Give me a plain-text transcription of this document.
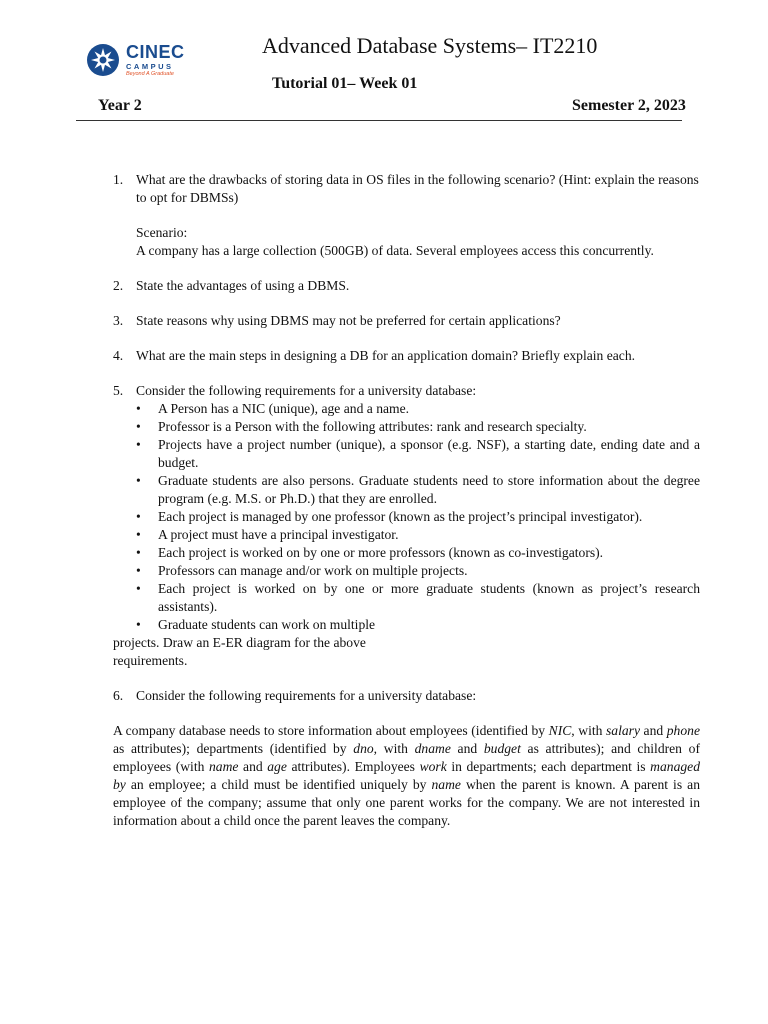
CINEC
CAMPUS
Beyond A Graduate
Advanced Database Systems– IT2210
Tutorial 01– Week 01
Year 2	Semester 2, 2023
1. What are the drawbacks of storing data in OS files in the following scenario? (Hint: explain the reasons to opt for DBMSs)
Scenario:
A company has a large collection (500GB) of data. Several employees access this concurrently.
2. State the advantages of using a DBMS.
3. State reasons why using DBMS may not be preferred for certain applications?
4. What are the main steps in designing a DB for an application domain? Briefly explain each.
5. Consider the following requirements for a university database:
• A Person has a NIC (unique), age and a name.
• Professor is a Person with the following attributes: rank and research specialty.
• Projects have a project number (unique), a sponsor (e.g. NSF), a starting date, ending date and a budget.
• Graduate students are also persons. Graduate students need to store information about the degree program (e.g. M.S. or Ph.D.) that they are enrolled.
• Each project is managed by one professor (known as the project’s principal investigator).
• A project must have a principal investigator.
• Each project is worked on by one or more professors (known as co-investigators).
• Professors can manage and/or work on multiple projects.
• Each project is worked on by one or more graduate students (known as project’s research assistants).
• Graduate students can work on multiple
projects. Draw an E-ER diagram for the above requirements.
6. Consider the following requirements for a university database:
A company database needs to store information about employees (identified by NIC, with salary and phone as attributes); departments (identified by dno, with dname and budget as attributes); and children of employees (with name and age attributes). Employees work in departments; each department is managed by an employee; a child must be identified uniquely by name when the parent is known. A parent is an employee of the company; assume that only one parent works for the company. We are not interested in information about a child once the parent leaves the company.
